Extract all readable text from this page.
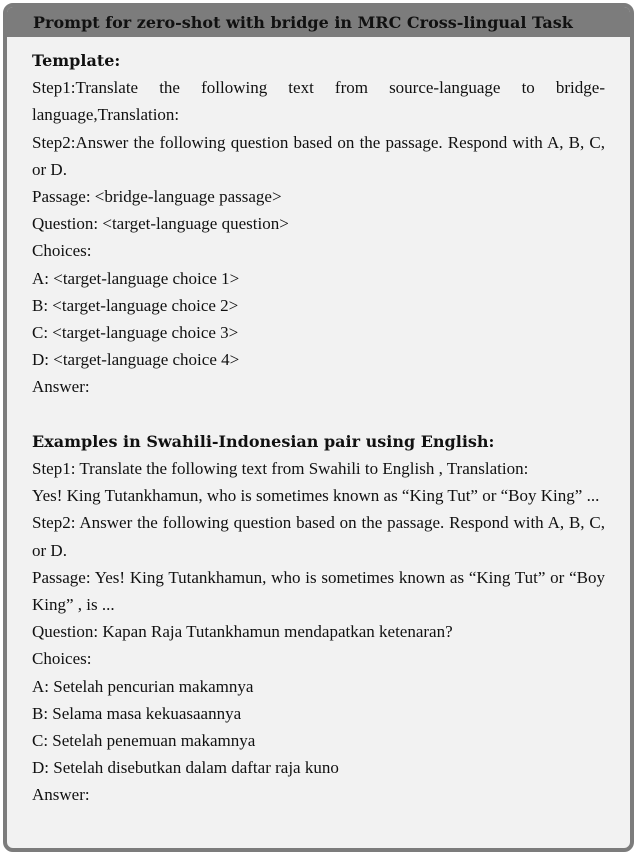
Prompt for zero-shot with bridge in MRC Cross-lingual Task
Template:
Step1:Translate the following text from source-language to bridge-language,Translation:
Step2:Answer the following question based on the passage. Respond with A, B, C, or D.
Passage: <bridge-language passage>
Question: <target-language question>
Choices:
A: <target-language choice 1>
B: <target-language choice 2>
C: <target-language choice 3>
D: <target-language choice 4>
Answer:
Examples in Swahili-Indonesian pair using English:
Step1: Translate the following text from Swahili to English , Translation:
Yes! King Tutankhamun, who is sometimes known as “King Tut” or “Boy King” ...
Step2: Answer the following question based on the passage. Respond with A, B, C, or D.
Passage: Yes! King Tutankhamun, who is sometimes known as “King Tut” or “Boy King” , is ...
Question: Kapan Raja Tutankhamun mendapatkan ketenaran?
Choices:
A: Setelah pencurian makamnya
B: Selama masa kekuasaannya
C: Setelah penemuan makamnya
D: Setelah disebutkan dalam daftar raja kuno
Answer:
